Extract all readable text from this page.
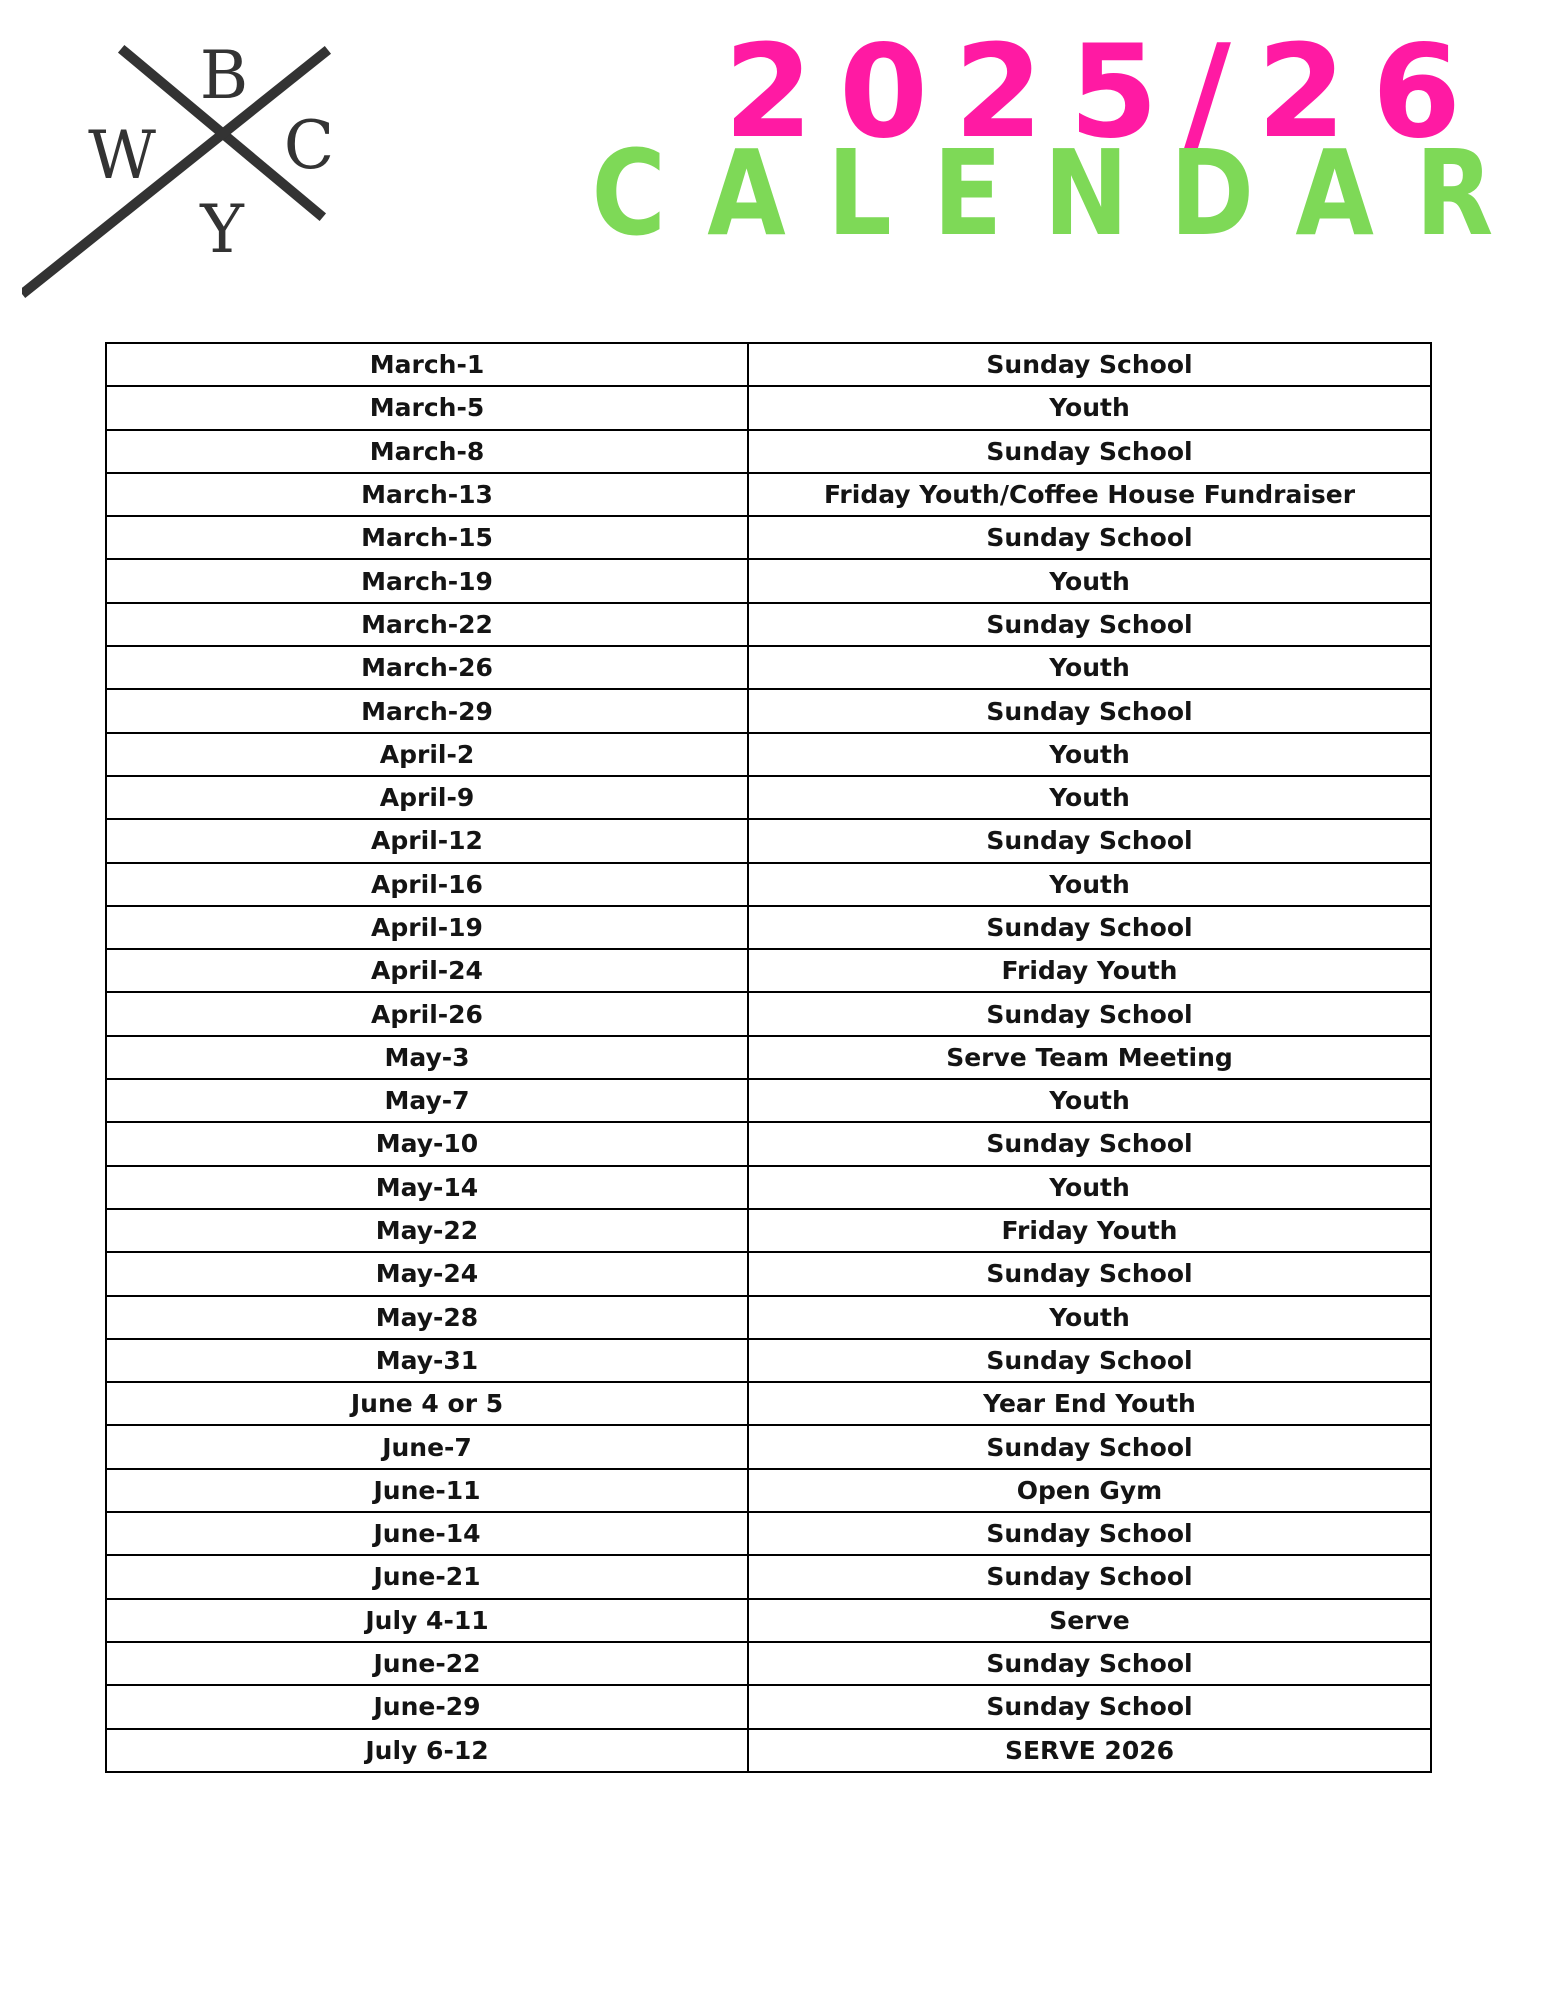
B
W C
Y
2025/26
CALENDAR
March-1	Sunday School
March-5	Youth
March-8	Sunday School
March-13	Friday Youth/Coffee House Fundraiser
March-15	Sunday School
March-19	Youth
March-22	Sunday School
March-26	Youth
March-29	Sunday School
April-2	Youth
April-9	Youth
April-12	Sunday School
April-16	Youth
April-19	Sunday School
April-24	Friday Youth
April-26	Sunday School
May-3	Serve Team Meeting
May-7	Youth
May-10	Sunday School
May-14	Youth
May-22	Friday Youth
May-24	Sunday School
May-28	Youth
May-31	Sunday School
June 4 or 5	Year End Youth
June-7	Sunday School
June-11	Open Gym
June-14	Sunday School
June-21	Sunday School
July 4-11	Serve
June-22	Sunday School
June-29	Sunday School
July 6-12	SERVE 2026
